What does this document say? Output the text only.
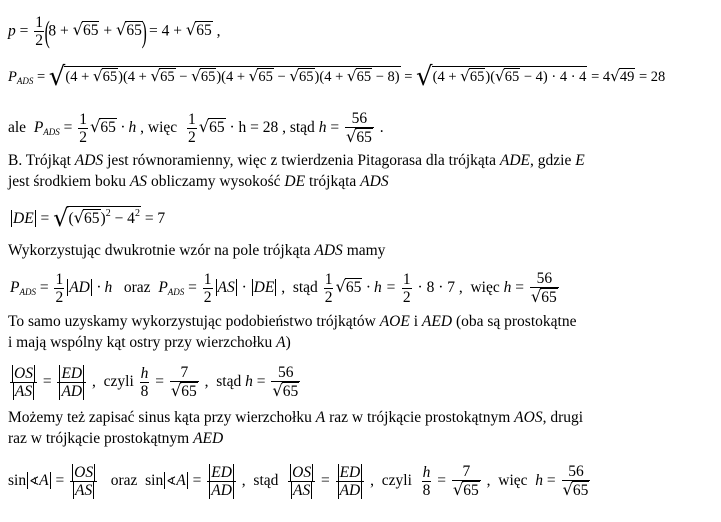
$p = \frac{1}{2} (8 + √65 + √65) = 4 + √65$ ,
$P_{ADS} = √(4 + √65)(4 + √65 - √65)(4 + √65 - √65)(4 + √65 - 8) = √(4 + √65)(√65 - 4) \cdot 4 \cdot 4 = 4√49 = 28$
ale $P_{ADS} = \frac{1}{2} √65 \cdot h$ , więc $\frac{1}{2} √65 \cdot h = 28$ , stąd $h = \frac{56}{√65}$ .
B. Trójkąt ADS jest równoramienny, więc z twierdzenia Pitagorasa dla trójkąta ADE, gdzie E
jest środkiem boku AS obliczamy wysokość DE trójkąta ADS
DE = $√(√65)^2 - 4^2 = 7$
Wykorzystując dwukrotnie wzór na pole trójkąta ADS mamy
$P_{ADS} = \frac{1}{2}$ AD · h   oraz  $P_{ADS} = \frac{1}{2}$ AS · DE ,  stąd $\frac{1}{2} √65 \cdot h = \frac{1}{2} \cdot 8 \cdot 7$ ,  więc $h = \frac{56}{√65}$
To samo uzyskamy wykorzystując podobieństwo trójkątów AOE i AED (oba są prostokątne
i mają wspólny kąt ostry przy wierzchołku A)
$\frac{OS}{AS} = \frac{ED}{AD}$ ,  czyli $\frac{h}{8} = \frac{7}{√65}$ ,  stąd $h = \frac{56}{√65}$
Możemy też zapisać sinus kąta przy wierzchołku A raz w trójkącie prostokątnym AOS, drugi
raz w trójkącie prostokątnym AED
sin ∢A = $\frac{OS}{AS}$ oraz  sin ∢A = $\frac{ED}{AD}$ ,  stąd $\frac{OS}{AS} = \frac{ED}{AD}$ ,  czyli $\frac{h}{8} = \frac{7}{√65}$ ,  więc  $h = \frac{56}{√65}$
